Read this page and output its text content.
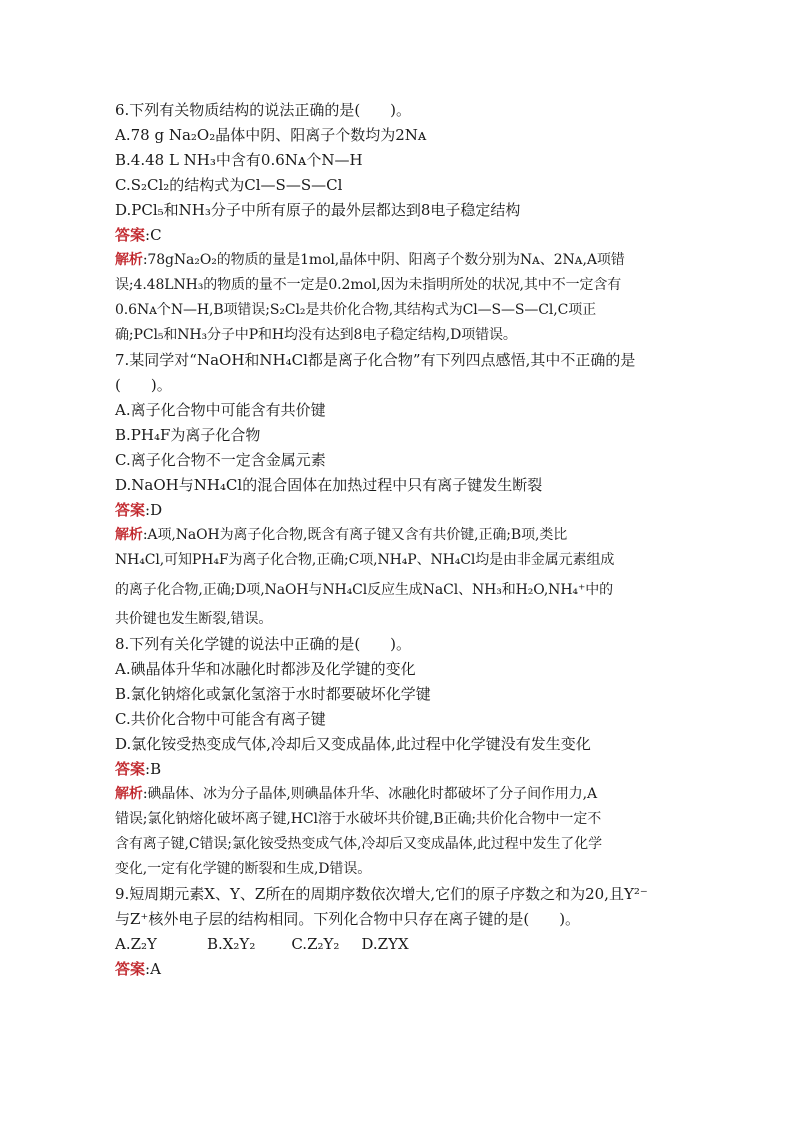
6.下列有关物质结构的说法正确的是(　　)。
A.78 g Na₂O₂晶体中阴、阳离子个数均为2Nᴀ
B.4.48 L NH₃中含有0.6Nᴀ个N—H
C.S₂Cl₂的结构式为Cl—S—S—Cl
D.PCl₅和NH₃分子中所有原子的最外层都达到8电子稳定结构
答案:C
解析:78gNa₂O₂的物质的量是1mol,晶体中阴、阳离子个数分别为Nᴀ、2Nᴀ,A项错
误;4.48LNH₃的物质的量不一定是0.2mol,因为未指明所处的状况,其中不一定含有
0.6Nᴀ个N—H,B项错误;S₂Cl₂是共价化合物,其结构式为Cl—S—S—Cl,C项正
确;PCl₅和NH₃分子中P和H均没有达到8电子稳定结构,D项错误。
7.某同学对“NaOH和NH₄Cl都是离子化合物”有下列四点感悟,其中不正确的是
(　　)。
A.离子化合物中可能含有共价键
B.PH₄F为离子化合物
C.离子化合物不一定含金属元素
D.NaOH与NH₄Cl的混合固体在加热过程中只有离子键发生断裂
答案:D
解析:A项,NaOH为离子化合物,既含有离子键又含有共价键,正确;B项,类比
NH₄Cl,可知PH₄F为离子化合物,正确;C项,NH₄P、NH₄Cl均是由非金属元素组成
的离子化合物,正确;D项,NaOH与NH₄Cl反应生成NaCl、NH₃和H₂O,NH₄⁺中的
共价键也发生断裂,错误。
8.下列有关化学键的说法中正确的是(　　)。
A.碘晶体升华和冰融化时都涉及化学键的变化
B.氯化钠熔化或氯化氢溶于水时都要破坏化学键
C.共价化合物中可能含有离子键
D.氯化铵受热变成气体,冷却后又变成晶体,此过程中化学键没有发生变化
答案:B
解析:碘晶体、冰为分子晶体,则碘晶体升华、冰融化时都破坏了分子间作用力,A
错误;氯化钠熔化破坏离子键,HCl溶于水破坏共价键,B正确;共价化合物中一定不
含有离子键,C错误;氯化铵受热变成气体,冷却后又变成晶体,此过程中发生了化学
变化,一定有化学键的断裂和生成,D错误。
9.短周期元素X、Y、Z所在的周期序数依次增大,它们的原子序数之和为20,且Y²⁻
与Z⁺核外电子层的结构相同。下列化合物中只存在离子键的是(　　)。
A.Z₂Y	B.X₂Y₂ C.Z₂Y₂ D.ZYX
答案:A
